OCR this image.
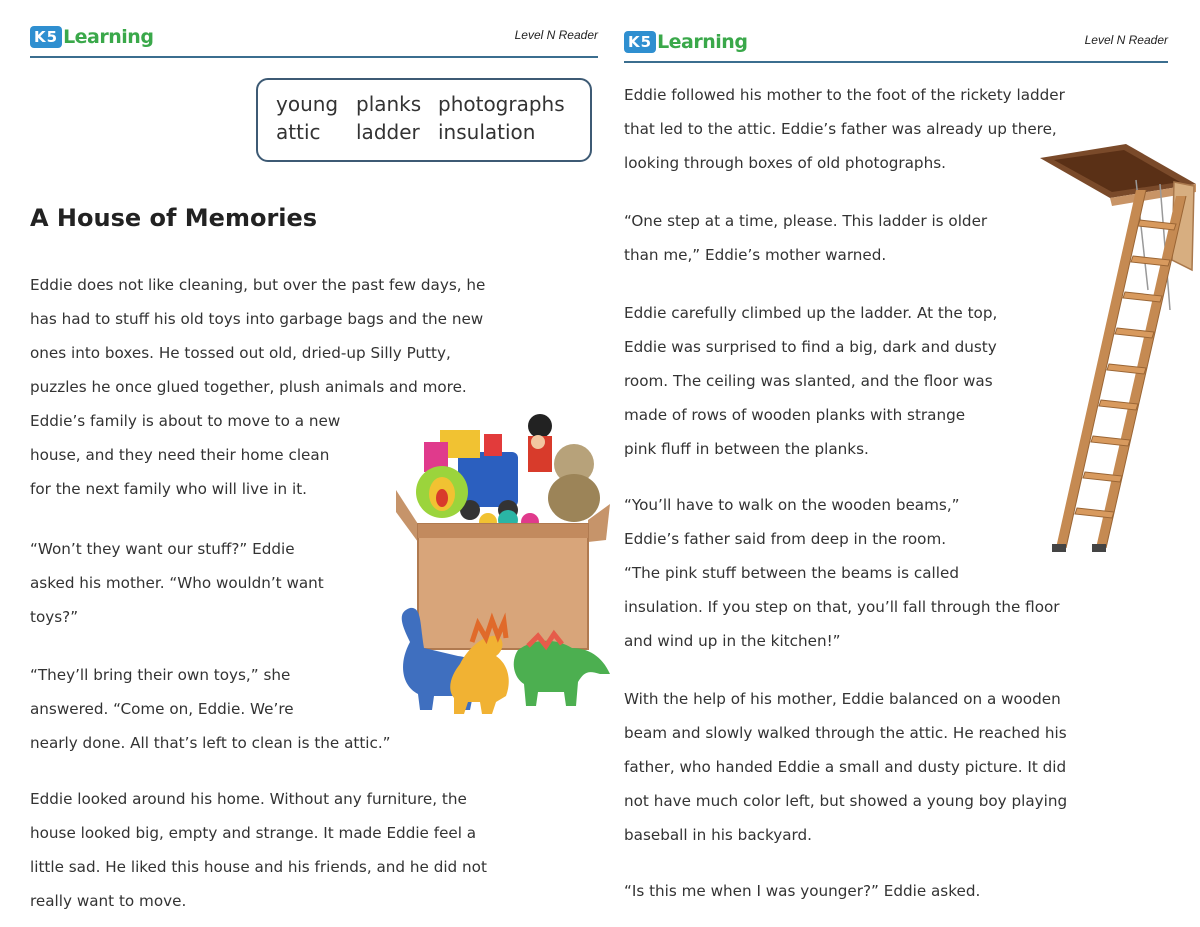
K5 Learning	Level N Reader
young planks photographs
attic	ladder insulation
A House of Memories
Eddie does not like cleaning, but over the past few days, he
has had to stuff his old toys into garbage bags and the new
ones into boxes. He tossed out old, dried-up Silly Putty,
puzzles he once glued together, plush animals and more.
Eddie’s family is about to move to a new
house, and they need their home clean
for the next family who will live in it.
“Won’t they want our stuff?” Eddie
asked his mother. “Who wouldn’t want
toys?”
“They’ll bring their own toys,” she
answered. “Come on, Eddie. We’re
nearly done. All that’s left to clean is the attic.”
Eddie looked around his home. Without any furniture, the
house looked big, empty and strange. It made Eddie feel a
little sad. He liked this house and his friends, and he did not
really want to move.
K5 Learning	Level N Reader
Eddie followed his mother to the foot of the rickety ladder
that led to the attic. Eddie’s father was already up there,
looking through boxes of old photographs.
“One step at a time, please. This ladder is older
than me,” Eddie’s mother warned.
Eddie carefully climbed up the ladder. At the top,
Eddie was surprised to find a big, dark and dusty
room. The ceiling was slanted, and the floor was
made of rows of wooden planks with strange
pink fluff in between the planks.
“You’ll have to walk on the wooden beams,”
Eddie’s father said from deep in the room.
“The pink stuff between the beams is called
insulation. If you step on that, you’ll fall through the floor
and wind up in the kitchen!”
With the help of his mother, Eddie balanced on a wooden
beam and slowly walked through the attic. He reached his
father, who handed Eddie a small and dusty picture. It did
not have much color left, but showed a young boy playing
baseball in his backyard.
“Is this me when I was younger?” Eddie asked.
